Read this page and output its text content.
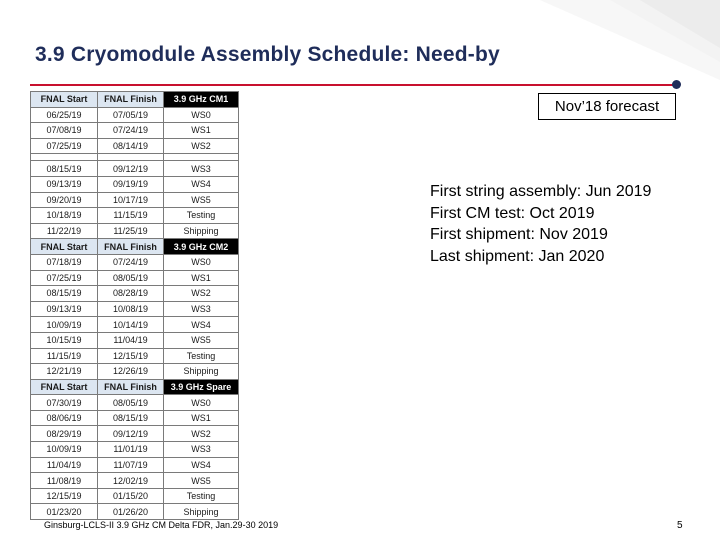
3.9 Cryomodule Assembly Schedule: Need-by
FNAL Start	FNAL Finish	3.9 GHz CM1
06/25/19	07/05/19	WS0
07/08/19	07/24/19	WS1
07/25/19	08/14/19	WS2

08/15/19	09/12/19	WS3
09/13/19	09/19/19	WS4
09/20/19	10/17/19	WS5
10/18/19	11/15/19	Testing
11/22/19	11/25/19	Shipping
FNAL Start	FNAL Finish	3.9 GHz CM2
07/18/19	07/24/19	WS0
07/25/19	08/05/19	WS1
08/15/19	08/28/19	WS2
09/13/19	10/08/19	WS3
10/09/19	10/14/19	WS4
10/15/19	11/04/19	WS5
11/15/19	12/15/19	Testing
12/21/19	12/26/19	Shipping
FNAL Start	FNAL Finish	3.9 GHz Spare
07/30/19	08/05/19	WS0
08/06/19	08/15/19	WS1
08/29/19	09/12/19	WS2
10/09/19	11/01/19	WS3
11/04/19	11/07/19	WS4
11/08/19	12/02/19	WS5
12/15/19	01/15/20	Testing
01/23/20	01/26/20	Shipping
Nov’18 forecast
First string assembly: Jun 2019
First CM test: Oct 2019
First shipment: Nov 2019
Last shipment: Jan 2020
Ginsburg-LCLS-II 3.9 GHz CM Delta FDR, Jan.29-30 2019	5
